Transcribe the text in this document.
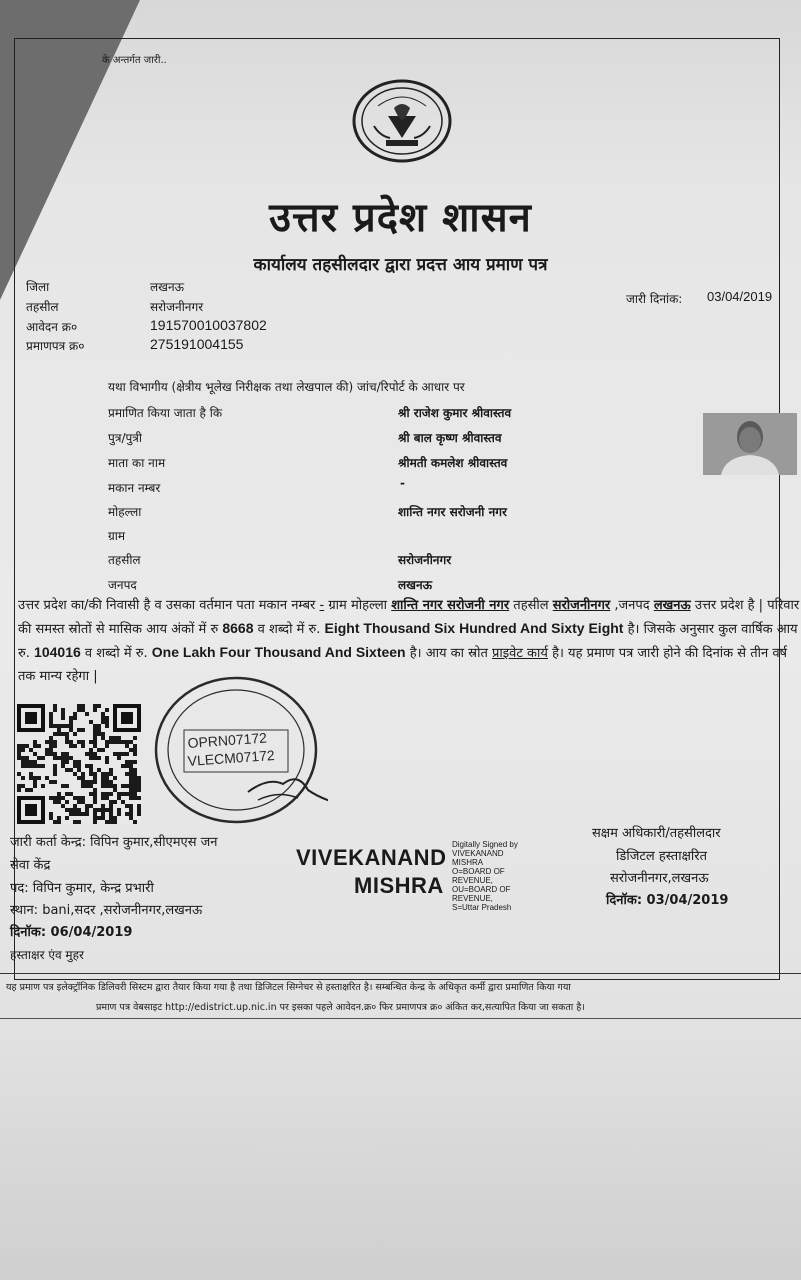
के अन्तर्गत जारी..
उत्तर प्रदेश शासन
कार्यालय तहसीलदार द्वारा प्रदत्त आय प्रमाण पत्र
जिला	लखनऊ
तहसील	सरोजनीनगर
आवेदन क्र०	191570010037802
प्रमाणपत्र क्र०	275191004155
जारी दिनांक: 03/04/2019
यथा विभागीय (क्षेत्रीय भूलेख निरीक्षक तथा लेखपाल की) जांच/रिपोर्ट के आधार पर
प्रमाणित किया जाता है कि	श्री राजेश कुमार श्रीवास्तव
पुत्र/पुत्री	श्री बाल कृष्ण श्रीवास्तव
माता का नाम	श्रीमती कमलेश श्रीवास्तव
मकान नम्बर	-
मोहल्ला	शान्ति नगर सरोजनी नगर
ग्राम
तहसील	सरोजनीनगर
जनपद	लखनऊ
उत्तर प्रदेश का/की निवासी है व उसका वर्तमान पता मकान नम्बर - ग्राम मोहल्ला शान्ति नगर सरोजनी नगर तहसील सरोजनीनगर ,जनपद लखनऊ उत्तर प्रदेश है | परिवार की समस्त स्रोतों से मासिक आय अंकों में रु 8668 व शब्दो में रु. Eight Thousand Six Hundred And Sixty Eight है। जिसके अनुसार कुल वार्षिक आय रु. 104016 व शब्दो में रु. One Lakh Four Thousand And Sixteen है। आय का स्रोत प्राइवेट कार्य है। यह प्रमाण पत्र जारी होने की दिनांक से तीन वर्ष तक मान्य रहेगा |
OPRN07172
VLECM07172
जारी कर्ता केन्द्र: विपिन कुमार,सीएमएस जन
सेवा केंद्र
पद: विपिन कुमार, केन्द्र प्रभारी
स्थान: bani,सदर ,सरोजनीनगर,लखनऊ
दिनॉक: 06/04/2019
हस्ताक्षर एंव मुहर
VIVEKANAND
MISHRA
Digitally Signed by
VIVEKANAND
MISHRA
O=BOARD OF
REVENUE,
OU=BOARD OF
REVENUE,
S=Uttar Pradesh
सक्षम अधिकारी/तहसीलदार
डिजिटल हस्ताक्षरित
सरोजनीनगर,लखनऊ
दिनॉक: 03/04/2019
यह प्रमाण पत्र इलेक्ट्रॉनिक डिलिवरी सिस्टम द्वारा तैयार किया गया है तथा डिजिटल सिग्नेचर से हस्ताक्षरित है। सम्बन्धित केन्द्र के अधिकृत कर्मी द्वारा प्रमाणित किया गया
प्रमाण पत्र वेबसाइट http://edistrict.up.nic.in पर इसका पहले आवेदन.क्र० फिर प्रमाणपत्र क्र० अंकित कर,सत्यापित किया जा सकता है।
